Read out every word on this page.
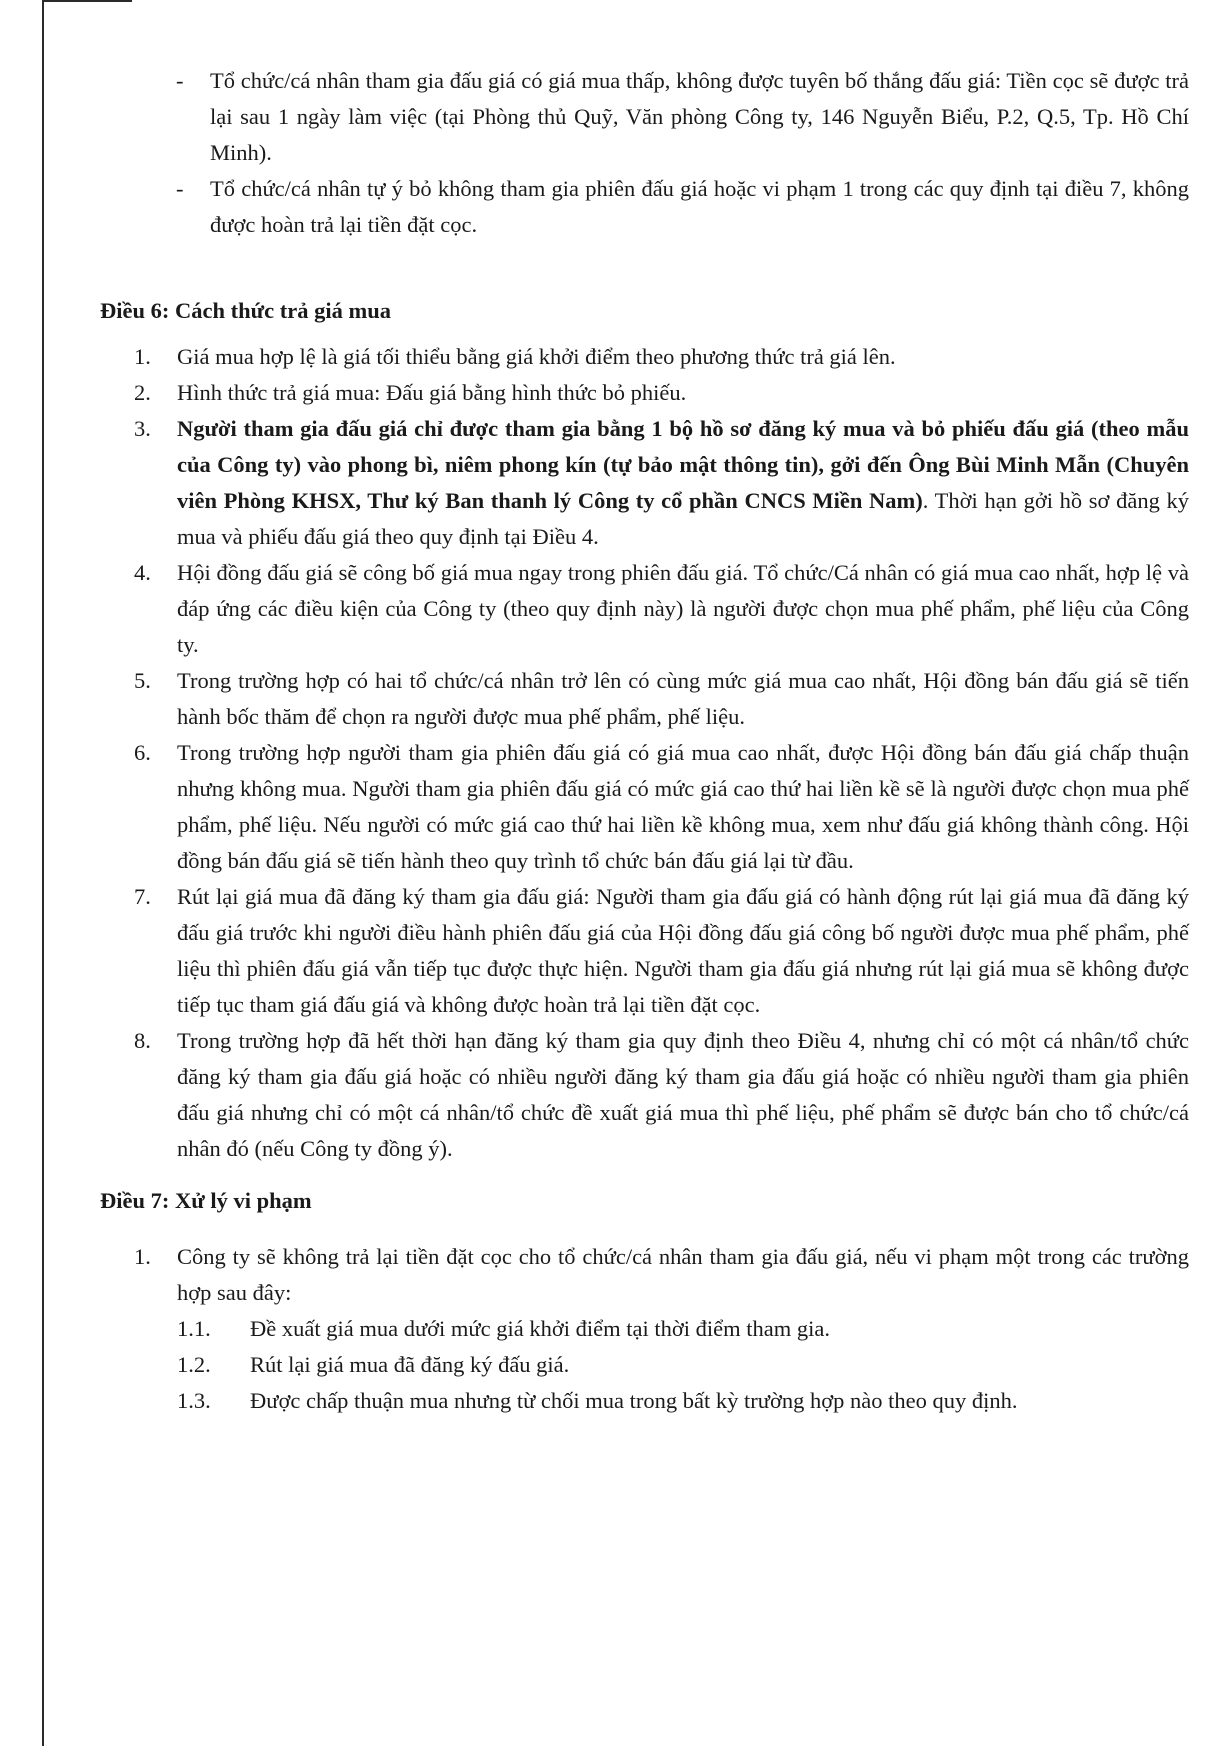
- Tổ chức/cá nhân tham gia đấu giá có giá mua thấp, không được tuyên bố thắng đấu giá: Tiền cọc sẽ được trả lại sau 1 ngày làm việc (tại Phòng thủ Quỹ, Văn phòng Công ty, 146 Nguyễn Biểu, P.2, Q.5, Tp. Hồ Chí Minh).
- Tổ chức/cá nhân tự ý bỏ không tham gia phiên đấu giá hoặc vi phạm 1 trong các quy định tại điều 7, không được hoàn trả lại tiền đặt cọc.
Điều 6: Cách thức trả giá mua
1. Giá mua hợp lệ là giá tối thiểu bằng giá khởi điểm theo phương thức trả giá lên.
2. Hình thức trả giá mua: Đấu giá bằng hình thức bỏ phiếu.
3. Người tham gia đấu giá chỉ được tham gia bằng 1 bộ hồ sơ đăng ký mua và bỏ phiếu đấu giá (theo mẫu của Công ty) vào phong bì, niêm phong kín (tự bảo mật thông tin), gởi đến Ông Bùi Minh Mẫn (Chuyên viên Phòng KHSX, Thư ký Ban thanh lý Công ty cổ phần CNCS Miền Nam). Thời hạn gởi hồ sơ đăng ký mua và phiếu đấu giá theo quy định tại Điều 4.
4. Hội đồng đấu giá sẽ công bố giá mua ngay trong phiên đấu giá. Tổ chức/Cá nhân có giá mua cao nhất, hợp lệ và đáp ứng các điều kiện của Công ty (theo quy định này) là người được chọn mua phế phẩm, phế liệu của Công ty.
5. Trong trường hợp có hai tổ chức/cá nhân trở lên có cùng mức giá mua cao nhất, Hội đồng bán đấu giá sẽ tiến hành bốc thăm để chọn ra người được mua phế phẩm, phế liệu.
6. Trong trường hợp người tham gia phiên đấu giá có giá mua cao nhất, được Hội đồng bán đấu giá chấp thuận nhưng không mua. Người tham gia phiên đấu giá có mức giá cao thứ hai liền kề sẽ là người được chọn mua phế phẩm, phế liệu. Nếu người có mức giá cao thứ hai liền kề không mua, xem như đấu giá không thành công. Hội đồng bán đấu giá sẽ tiến hành theo quy trình tổ chức bán đấu giá lại từ đầu.
7. Rút lại giá mua đã đăng ký tham gia đấu giá: Người tham gia đấu giá có hành động rút lại giá mua đã đăng ký đấu giá trước khi người điều hành phiên đấu giá của Hội đồng đấu giá công bố người được mua phế phẩm, phế liệu thì phiên đấu giá vẫn tiếp tục được thực hiện. Người tham gia đấu giá nhưng rút lại giá mua sẽ không được tiếp tục tham giá đấu giá và không được hoàn trả lại tiền đặt cọc.
8. Trong trường hợp đã hết thời hạn đăng ký tham gia quy định theo Điều 4, nhưng chỉ có một cá nhân/tổ chức đăng ký tham gia đấu giá hoặc có nhiều người đăng ký tham gia đấu giá hoặc có nhiều người tham gia phiên đấu giá nhưng chỉ có một cá nhân/tổ chức đề xuất giá mua thì phế liệu, phế phẩm sẽ được bán cho tổ chức/cá nhân đó (nếu Công ty đồng ý).
Điều 7: Xử lý vi phạm
1. Công ty sẽ không trả lại tiền đặt cọc cho tổ chức/cá nhân tham gia đấu giá, nếu vi phạm một trong các trường hợp sau đây:
1.1. Đề xuất giá mua dưới mức giá khởi điểm tại thời điểm tham gia.
1.2. Rút lại giá mua đã đăng ký đấu giá.
1.3. Được chấp thuận mua nhưng từ chối mua trong bất kỳ trường hợp nào theo quy định.
